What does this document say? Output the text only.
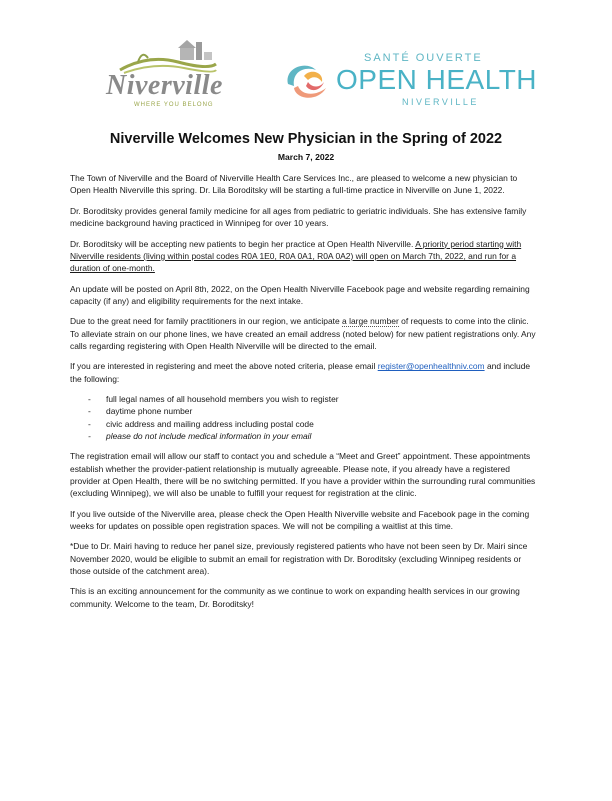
Niverville
WHERE YOU BELONG
SANTÉ OUVERTE
OPEN HEALTH
NIVERVILLE
Niverville Welcomes New Physician in the Spring of 2022
March 7, 2022

The Town of Niverville and the Board of Niverville Health Care Services Inc., are pleased to welcome a new physician to Open Health Niverville this spring. Dr. Lila Boroditsky will be starting a full-time practice in Niverville on June 1, 2022.

Dr. Boroditsky provides general family medicine for all ages from pediatric to geriatric individuals. She has extensive family medicine background having practiced in Winnipeg for over 10 years.

Dr. Boroditsky will be accepting new patients to begin her practice at Open Health Niverville. A priority period starting with Niverville residents (living within postal codes R0A 1E0, R0A 0A1, R0A 0A2) will open on March 7th, 2022, and run for a duration of one-month.

An update will be posted on April 8th, 2022, on the Open Health Niverville Facebook page and website regarding remaining capacity (if any) and eligibility requirements for the next intake.

Due to the great need for family practitioners in our region, we anticipate a large number of requests to come into the clinic. To alleviate strain on our phone lines, we have created an email address (noted below) for new patient registrations only. Any calls regarding registering with Open Health Niverville will be directed to the email.

If you are interested in registering and meet the above noted criteria, please email register@openhealthniv.com and include the following:

- full legal names of all household members you wish to register
- daytime phone number
- civic address and mailing address including postal code
- please do not include medical information in your email

The registration email will allow our staff to contact you and schedule a “Meet and Greet” appointment. These appointments establish whether the provider-patient relationship is mutually agreeable. Please note, if you already have a registered provider at Open Health, there will be no switching permitted. If you have a provider within the surrounding rural communities (excluding Winnipeg), we will also be unable to fulfill your request for registration at the clinic.

If you live outside of the Niverville area, please check the Open Health Niverville website and Facebook page in the coming weeks for updates on possible open registration spaces. We will not be compiling a waitlist at this time.

*Due to Dr. Mairi having to reduce her panel size, previously registered patients who have not been seen by Dr. Mairi since November 2020, would be eligible to submit an email for registration with Dr. Boroditsky (excluding Winnipeg residents or those outside of the catchment area).

This is an exciting announcement for the community as we continue to work on expanding health services in our growing community. Welcome to the team, Dr. Boroditsky!
